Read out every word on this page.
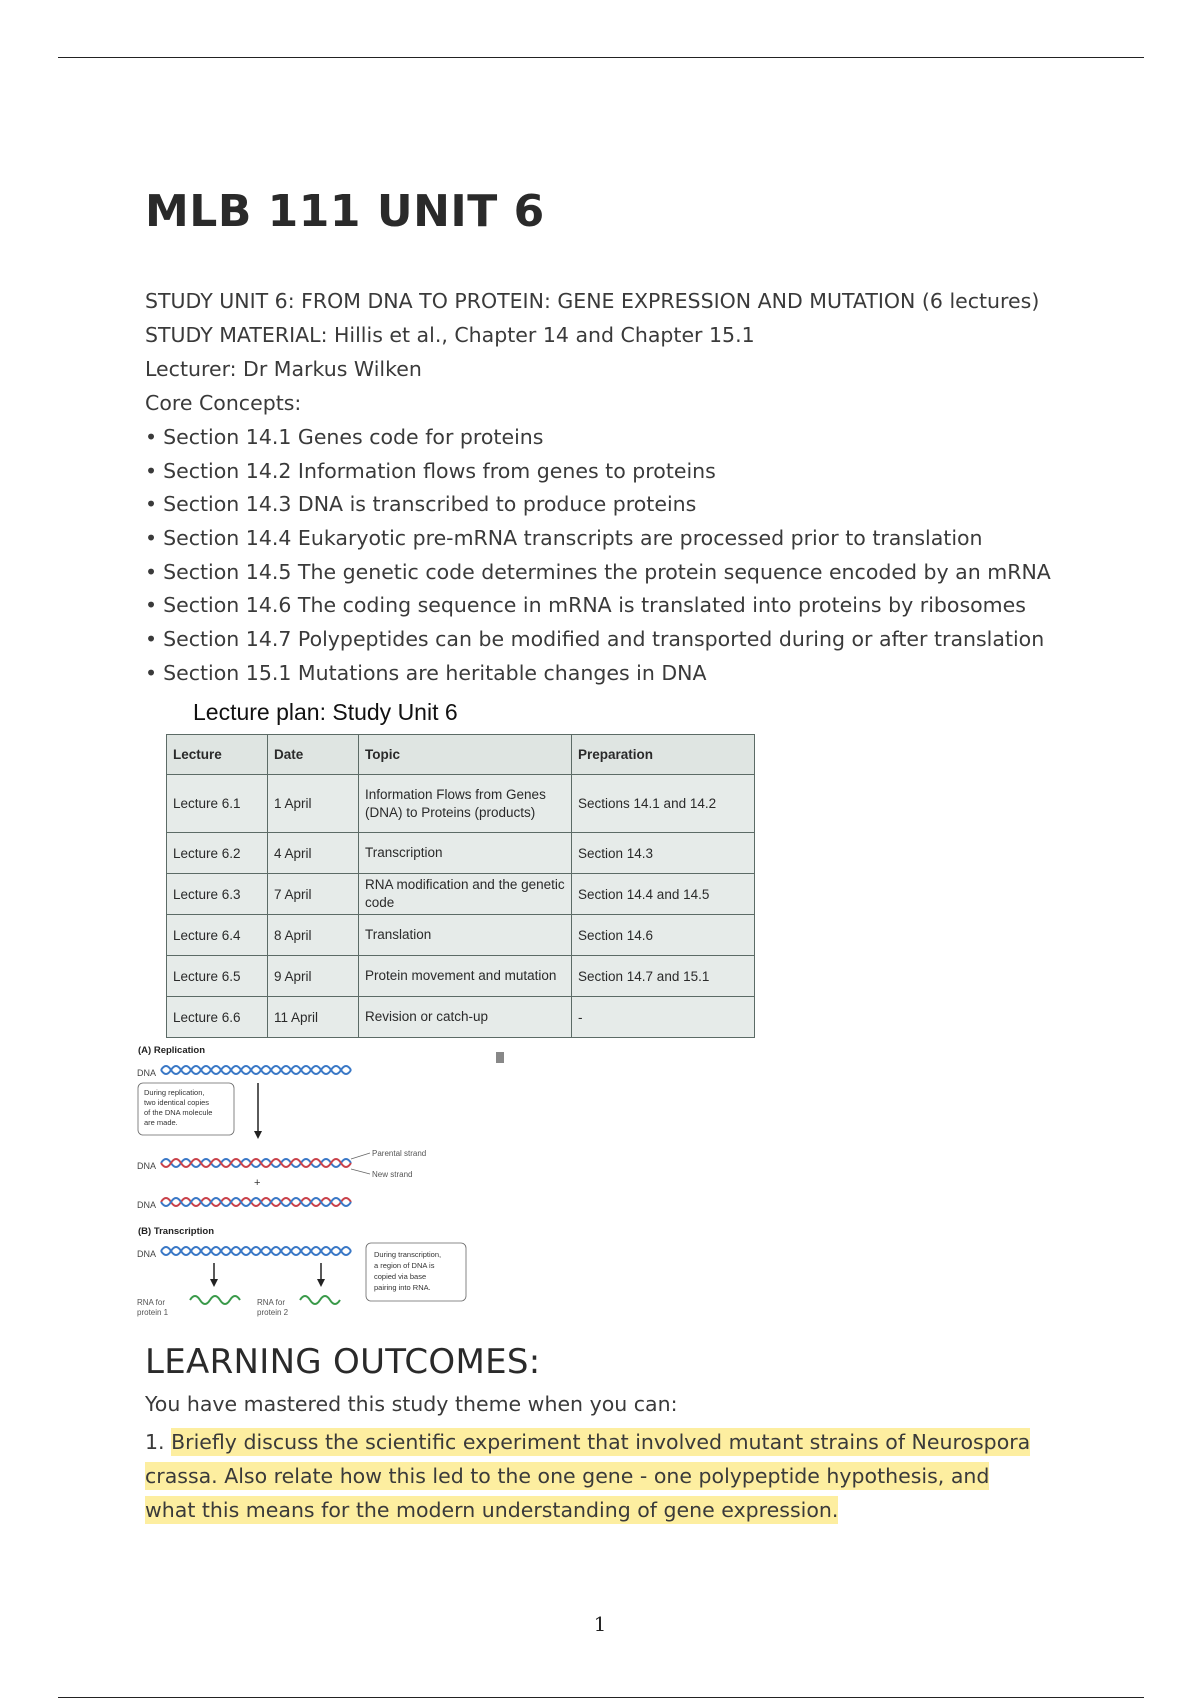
MLB 111 UNIT 6
STUDY UNIT 6: FROM DNA TO PROTEIN: GENE EXPRESSION AND MUTATION (6 lectures)
STUDY MATERIAL: Hillis et al., Chapter 14 and Chapter 15.1
Lecturer: Dr Markus Wilken
Core Concepts:
• Section 14.1 Genes code for proteins
• Section 14.2 Information flows from genes to proteins
• Section 14.3 DNA is transcribed to produce proteins
• Section 14.4 Eukaryotic pre-mRNA transcripts are processed prior to translation
• Section 14.5 The genetic code determines the protein sequence encoded by an mRNA
• Section 14.6 The coding sequence in mRNA is translated into proteins by ribosomes
• Section 14.7 Polypeptides can be modified and transported during or after translation
• Section 15.1 Mutations are heritable changes in DNA
Lecture plan: Study Unit 6
Lecture	Date	Topic	Preparation
Lecture 6.1	1 April	Information Flows from Genes (DNA) to Proteins (products)	Sections 14.1 and 14.2
Lecture 6.2	4 April	Transcription	Section 14.3
Lecture 6.3	7 April	RNA modification and the genetic code	Section 14.4 and 14.5
Lecture 6.4	8 April	Translation	Section 14.6
Lecture 6.5	9 April	Protein movement and mutation	Section 14.7 and 15.1
Lecture 6.6	11 April	Revision or catch-up	-
(A) Replication
DNA
During replication,
two identical copies
of the DNA molecule
are made.
DNA
Parental strand
New strand
+
DNA
(B) Transcription
DNA	During transcription,
a region of DNA is
copied via base
pairing into RNA.
RNA for
protein 1
RNA for
protein 2
LEARNING OUTCOMES:
You have mastered this study theme when you can:
1. Briefly discuss the scientific experiment that involved mutant strains of Neurospora crassa. Also relate how this led to the one gene - one polypeptide hypothesis, and what this means for the modern understanding of gene expression.
1
